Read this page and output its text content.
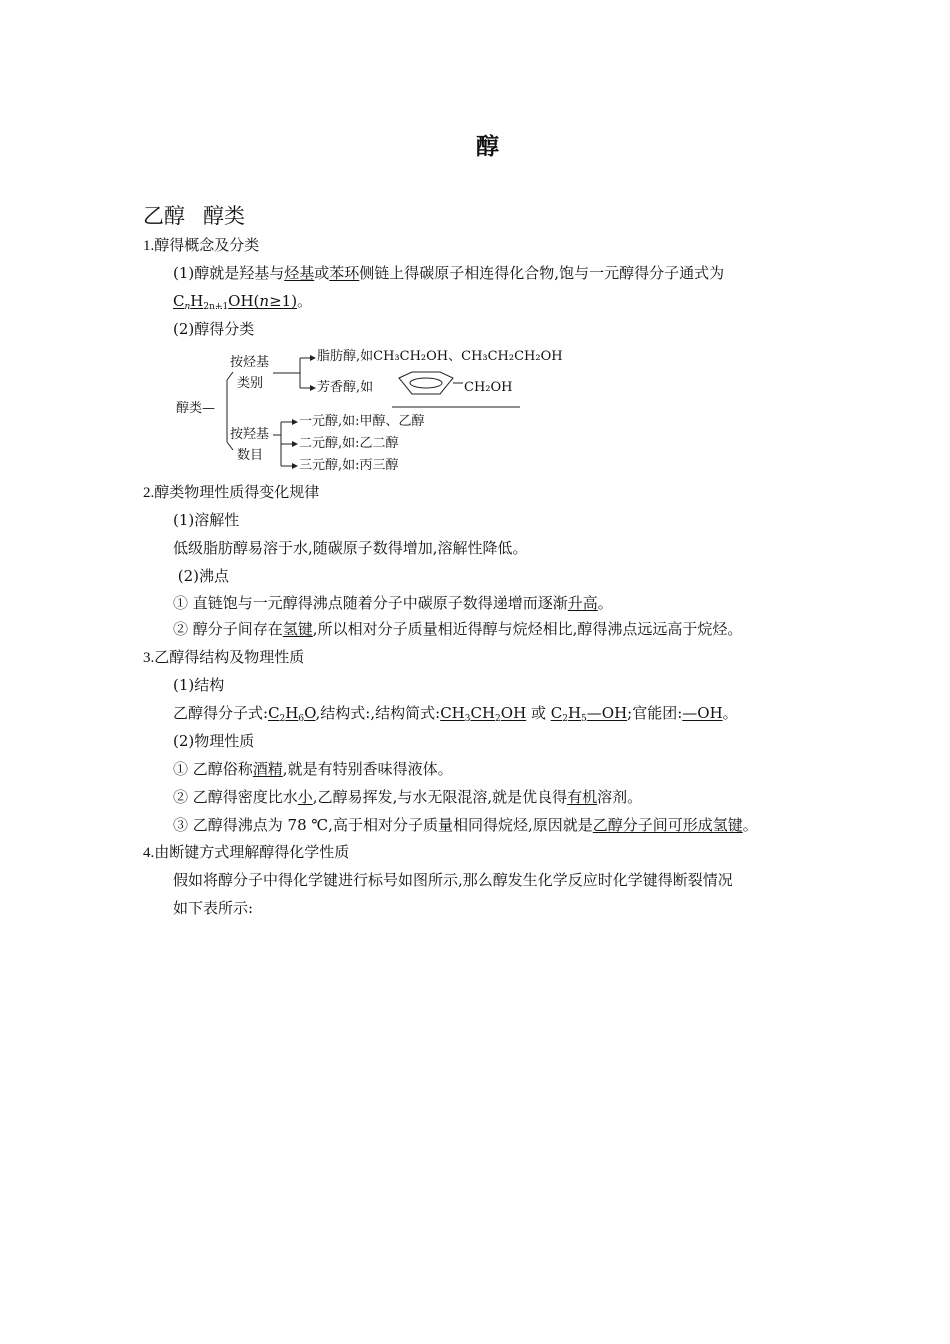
醇
乙醇 醇类
1.醇得概念及分类
(1)醇就是羟基与烃基或苯环侧链上得碳原子相连得化合物,饱与一元醇得分子通式为
$C_nH_{2n+1}OH(n\ge 1)$。
(2)醇得分类
醇类—
按烃基
类别
脂肪醇,如CH₃CH₂OH、CH₃CH₂CH₂OH
芳香醇,如	CH₂OH
按羟基
数目
一元醇,如:甲醇、乙醇
二元醇,如:乙二醇
三元醇,如:丙三醇
2.醇类物理性质得变化规律
(1)溶解性
低级脂肪醇易溶于水,随碳原子数得增加,溶解性降低。
(2)沸点
① 直链饱与一元醇得沸点随着分子中碳原子数得递增而逐渐升高。
② 醇分子间存在氢键,所以相对分子质量相近得醇与烷烃相比,醇得沸点远远高于烷烃。
3.乙醇得结构及物理性质
(1)结构
乙醇得分子式$:C_2H_6O$,结构式:,结构简式$:CH_3CH_2OH$ 或 $C_2H_5—OH$;官能团:—OH。
(2)物理性质
① 乙醇俗称酒精,就是有特别香味得液体。
② 乙醇得密度比水小,乙醇易挥发,与水无限混溶,就是优良得有机溶剂。
③ 乙醇得沸点为 78 ℃,高于相对分子质量相同得烷烃,原因就是乙醇分子间可形成氢键。
4.由断键方式理解醇得化学性质
假如将醇分子中得化学键进行标号如图所示,那么醇发生化学反应时化学键得断裂情况
如下表所示:
